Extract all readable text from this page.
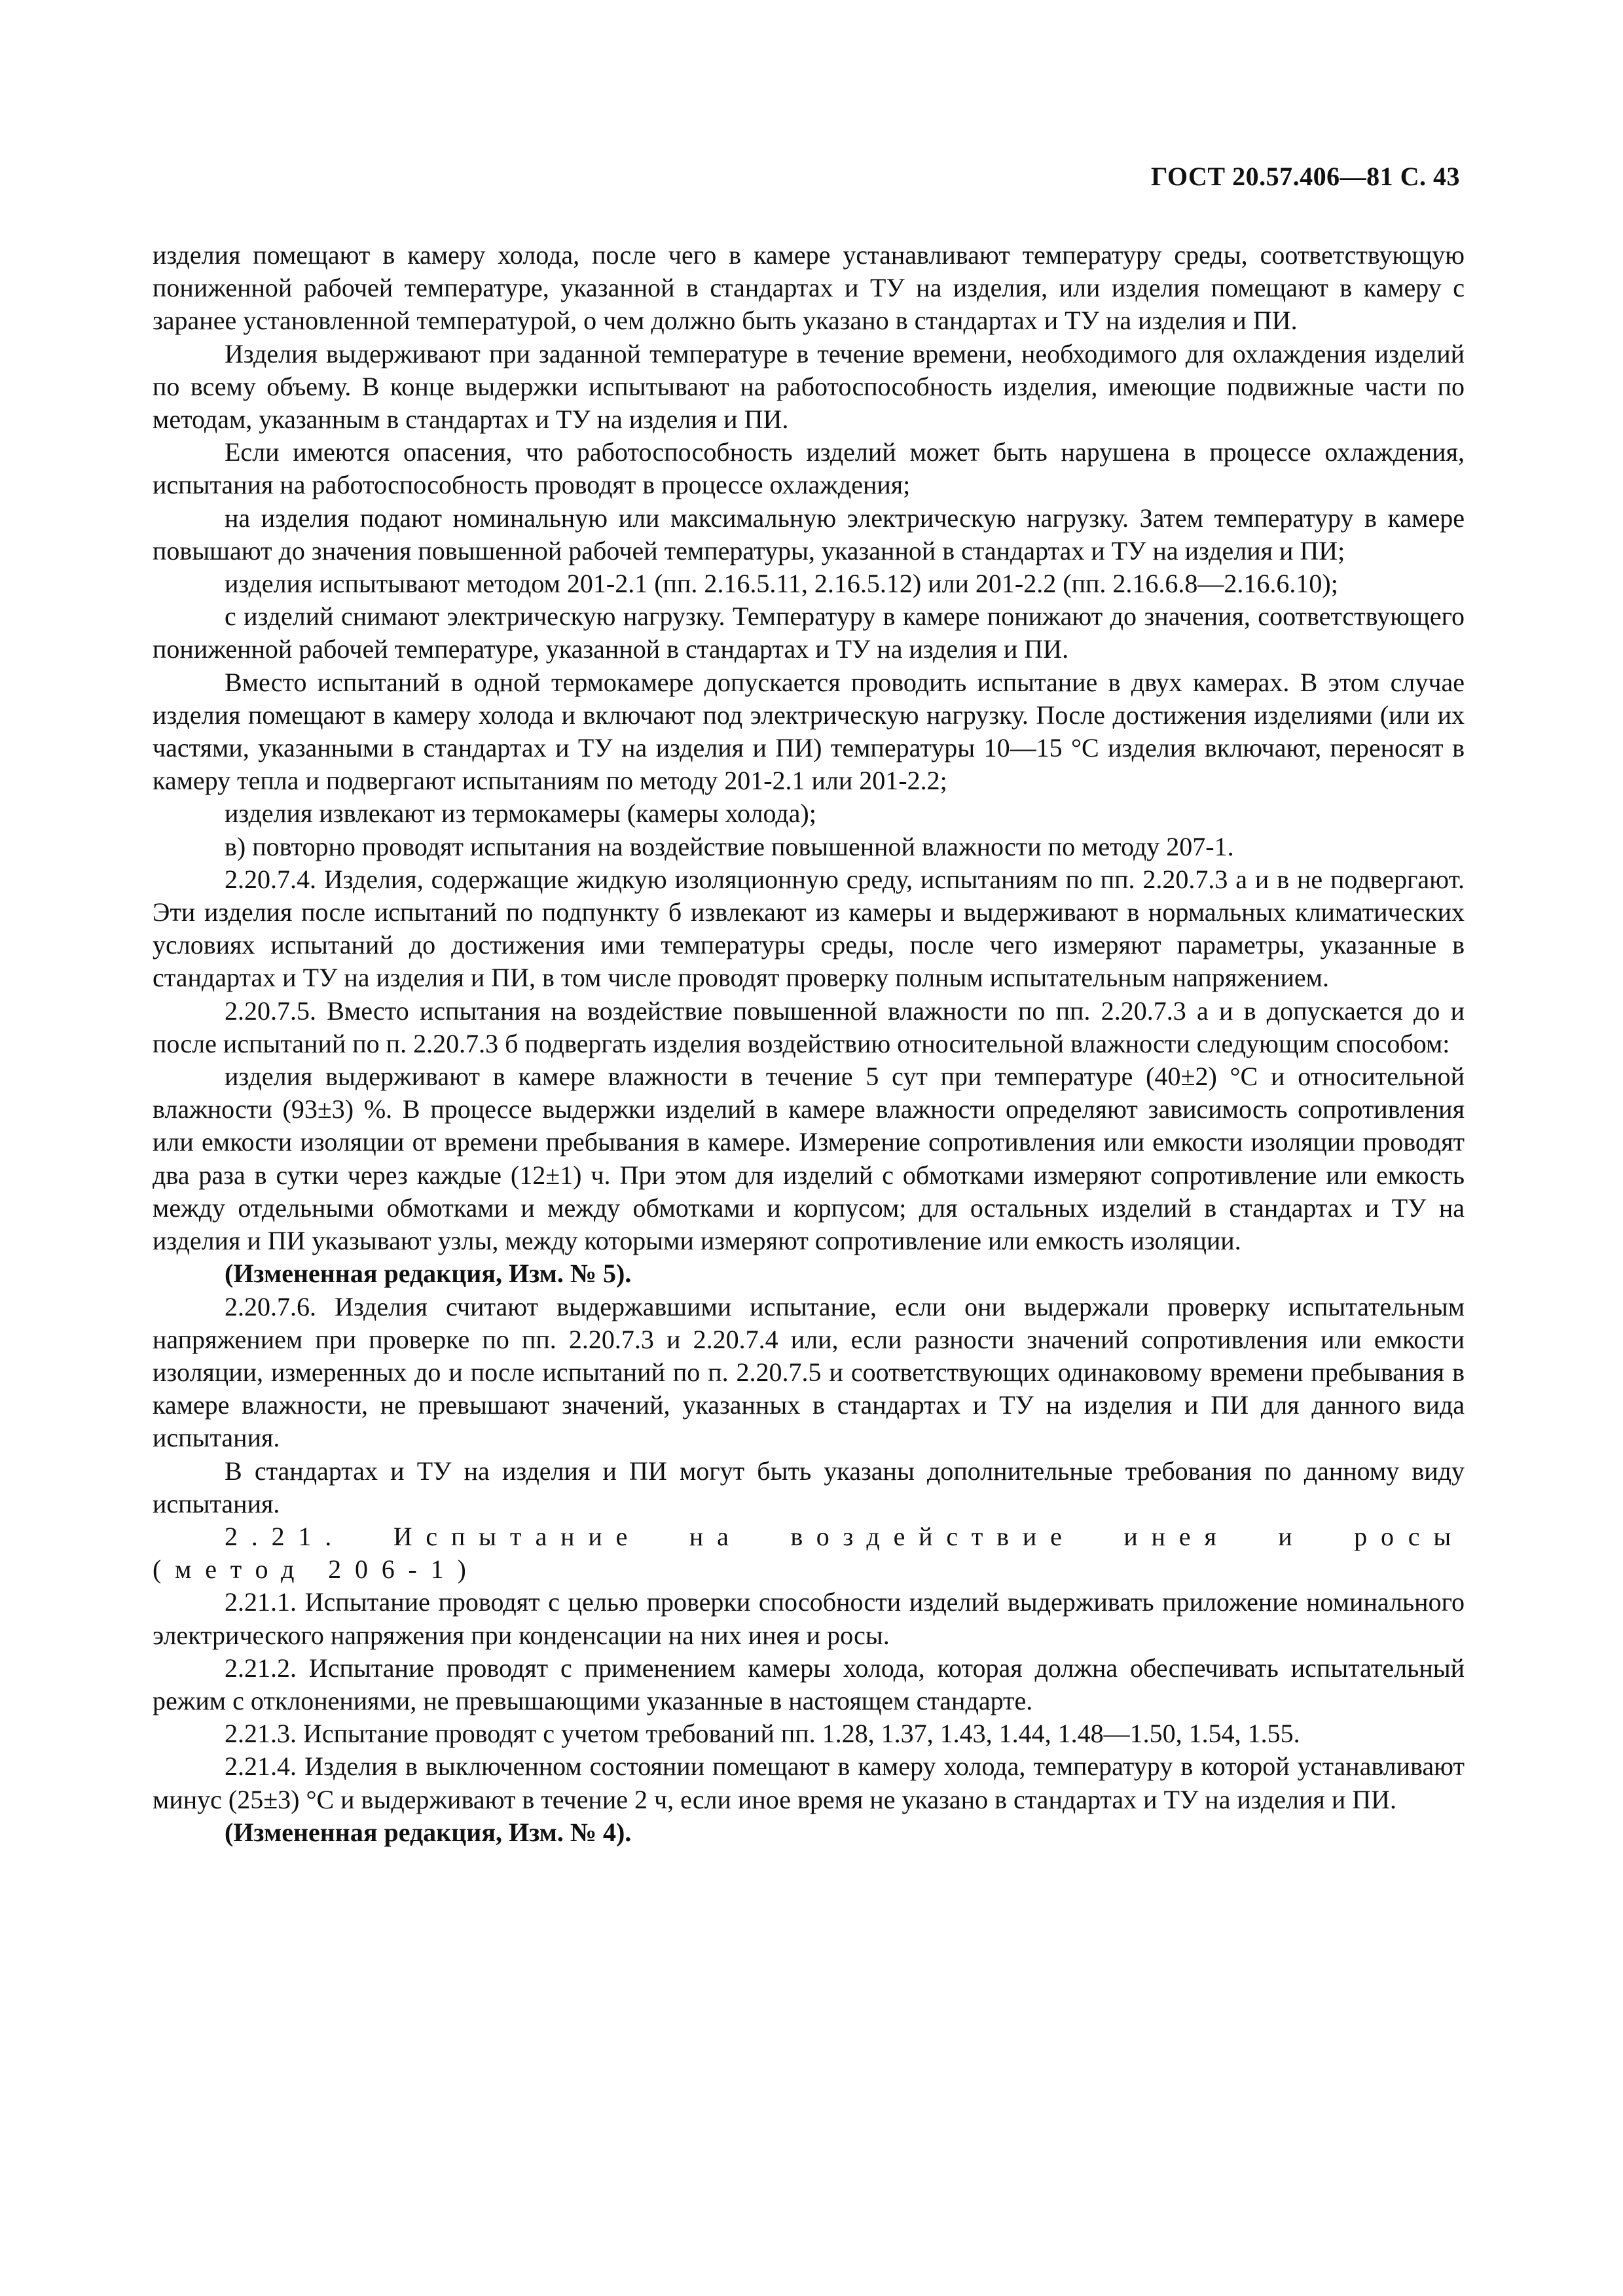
ГОСТ 20.57.406—81 С. 43

изделия помещают в камеру холода, после чего в камере устанавливают температуру среды, соответствующую пониженной рабочей температуре, указанной в стандартах и ТУ на изделия, или изделия помещают в камеру с заранее установленной температурой, о чем должно быть указано в стандартах и ТУ на изделия и ПИ.

Изделия выдерживают при заданной температуре в течение времени, необходимого для охлаждения изделий по всему объему. В конце выдержки испытывают на работоспособность изделия, имеющие подвижные части по методам, указанным в стандартах и ТУ на изделия и ПИ.

Если имеются опасения, что работоспособность изделий может быть нарушена в процессе охлаждения, испытания на работоспособность проводят в процессе охлаждения;

на изделия подают номинальную или максимальную электрическую нагрузку. Затем температуру в камере повышают до значения повышенной рабочей температуры, указанной в стандартах и ТУ на изделия и ПИ;

изделия испытывают методом 201-2.1 (пп. 2.16.5.11, 2.16.5.12) или 201-2.2 (пп. 2.16.6.8—2.16.6.10);

с изделий снимают электрическую нагрузку. Температуру в камере понижают до значения, соответствующего пониженной рабочей температуре, указанной в стандартах и ТУ на изделия и ПИ.

Вместо испытаний в одной термокамере допускается проводить испытание в двух камерах. В этом случае изделия помещают в камеру холода и включают под электрическую нагрузку. После достижения изделиями (или их частями, указанными в стандартах и ТУ на изделия и ПИ) температуры 10—15 °С изделия включают, переносят в камеру тепла и подвергают испытаниям по методу 201-2.1 или 201-2.2;

изделия извлекают из термокамеры (камеры холода);

в) повторно проводят испытания на воздействие повышенной влажности по методу 207-1.

2.20.7.4. Изделия, содержащие жидкую изоляционную среду, испытаниям по пп. 2.20.7.3 а и в не подвергают. Эти изделия после испытаний по подпункту б извлекают из камеры и выдерживают в нормальных климатических условиях испытаний до достижения ими температуры среды, после чего измеряют параметры, указанные в стандартах и ТУ на изделия и ПИ, в том числе проводят проверку полным испытательным напряжением.

2.20.7.5. Вместо испытания на воздействие повышенной влажности по пп. 2.20.7.3 а и в допускается до и после испытаний по п. 2.20.7.3 б подвергать изделия воздействию относительной влажности следующим способом:

изделия выдерживают в камере влажности в течение 5 сут при температуре (40±2) °С и относительной влажности (93±3) %. В процессе выдержки изделий в камере влажности определяют зависимость сопротивления или емкости изоляции от времени пребывания в камере. Измерение сопротивления или емкости изоляции проводят два раза в сутки через каждые (12±1) ч. При этом для изделий с обмотками измеряют сопротивление или емкость между отдельными обмотками и между обмотками и корпусом; для остальных изделий в стандартах и ТУ на изделия и ПИ указывают узлы, между которыми измеряют сопротивление или емкость изоляции.

(Измененная редакция, Изм. № 5).

2.20.7.6. Изделия считают выдержавшими испытание, если они выдержали проверку испытательным напряжением при проверке по пп. 2.20.7.3 и 2.20.7.4 или, если разности значений сопротивления или емкости изоляции, измеренных до и после испытаний по п. 2.20.7.5 и соответствующих одинаковому времени пребывания в камере влажности, не превышают значений, указанных в стандартах и ТУ на изделия и ПИ для данного вида испытания.

В стандартах и ТУ на изделия и ПИ могут быть указаны дополнительные требования по данному виду испытания.

2.21. Испытание на воздействие инея и росы (метод 206-1)

2.21.1. Испытание проводят с целью проверки способности изделий выдерживать приложение номинального электрического напряжения при конденсации на них инея и росы.

2.21.2. Испытание проводят с применением камеры холода, которая должна обеспечивать испытательный режим с отклонениями, не превышающими указанные в настоящем стандарте.

2.21.3. Испытание проводят с учетом требований пп. 1.28, 1.37, 1.43, 1.44, 1.48—1.50, 1.54, 1.55.

2.21.4. Изделия в выключенном состоянии помещают в камеру холода, температуру в которой устанавливают минус (25±3) °С и выдерживают в течение 2 ч, если иное время не указано в стандартах и ТУ на изделия и ПИ.

(Измененная редакция, Изм. № 4).
